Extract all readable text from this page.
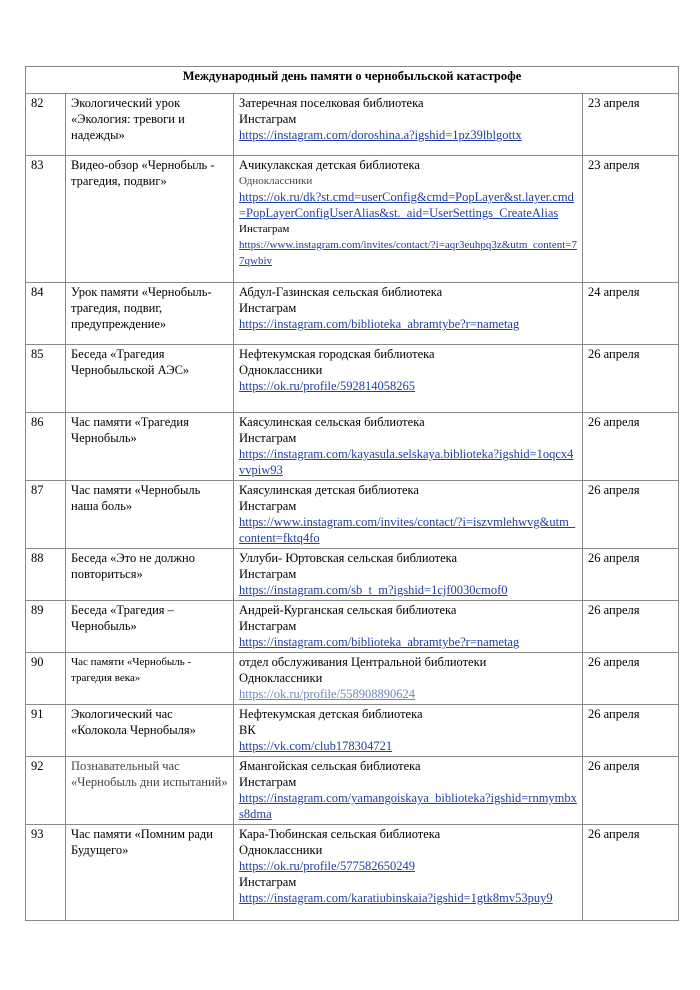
Международный день памяти о чернобыльской катастрофе			
82	Экологический урок «Экология: тревоги и надежды»	Затеречная поселковая библиотека
Инстаграм
https://instagram.com/doroshina.a?igshid=1pz39lblgottx	23 апреля
83	Видео-обзор «Чернобыль - трагедия, подвиг»	Ачикулакская детская библиотека
Одноклассники
https://ok.ru/dk?st.cmd=userConfig&cmd=PopLayer&st.layer.cmd=PopLayerConfigUserAlias&st._aid=UserSettings_CreateAlias
Инстаграм
https://www.instagram.com/invites/contact/?i=aqr3euhpq3z&utm_content=77qwbiv	23 апреля
84	Урок памяти «Чернобыль- трагедия, подвиг, предупреждение»	Абдул-Газинская сельская библиотека
Инстаграм
https://instagram.com/biblioteka_abramtybe?r=nametag	24 апреля
85	Беседа «Трагедия Чернобыльской АЭС»	Нефтекумская городская библиотека
Одноклассники
https://ok.ru/profile/592814058265	26 апреля
86	Час памяти «Трагедия Чернобыль»	Каясулинская сельская библиотека
Инстаграм
https://instagram.com/kayasula.selskaya.biblioteka?igshid=1oqcx4vvpiw93	26 апреля
87	Час памяти «Чернобыль наша боль»	Каясулинская детская библиотека
Инстаграм
https://www.instagram.com/invites/contact/?i=iszvmlehwvg&utm_content=fktq4fo	26 апреля
88	Беседа «Это не должно повториться»	Уллуби- Юртовская сельская библиотека
Инстаграм
https://instagram.com/sb_t_m?igshid=1cjf0030cmof0	26 апреля
89	Беседа «Трагедия – Чернобыль»	Андрей-Курганская сельская библиотека
Инстаграм
https://instagram.com/biblioteka_abramtybe?r=nametag	26 апреля
90	Час памяти «Чернобыль - трагедия века»	отдел обслуживания Центральной библиотеки
Одноклассники
https://ok.ru/profile/558908890624	26 апреля
91	Экологический час «Колокола Чернобыля»	Нефтекумская детская библиотека
ВК
https://vk.com/club178304721	26 апреля
92	Познавательный час «Чернобыль дни испытаний»	Ямангойская сельская библиотека
Инстаграм
https://instagram.com/yamangoiskaya_biblioteka?igshid=rnmymbxs8dma	26 апреля
93	Час памяти «Помним ради Будущего»	Кара-Тюбинская сельская библиотека
Одноклассники
https://ok.ru/profile/577582650249
Инстаграм
https://instagram.com/karatiubinskaia?igshid=1gtk8mv53puy9	26 апреля
